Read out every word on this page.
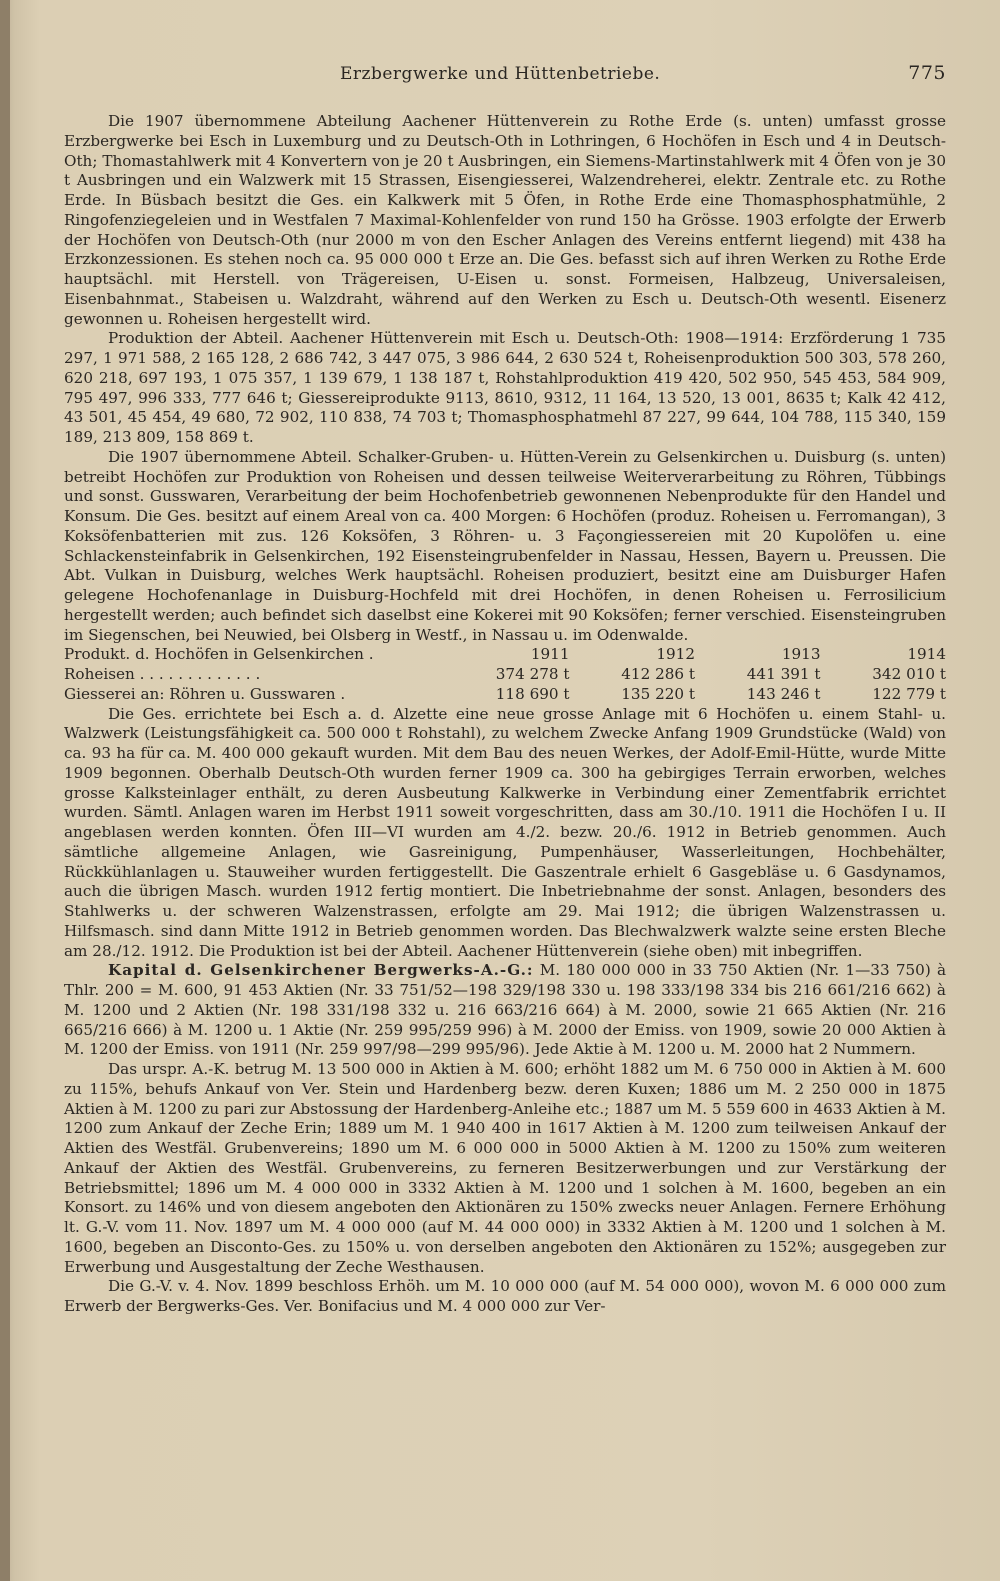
Erzbergwerke und Hüttenbetriebe.	775

Die 1907 übernommene Abteilung Aachener Hüttenverein zu Rothe Erde (s. unten) umfasst grosse Erzbergwerke bei Esch in Luxemburg und zu Deutsch-Oth in Lothringen, 6 Hochöfen in Esch und 4 in Deutsch-Oth; Thomastahlwerk mit 4 Konvertern von je 20 t Ausbringen, ein Siemens-Martinstahlwerk mit 4 Öfen von je 30 t Ausbringen und ein Walzwerk mit 15 Strassen, Eisengiesserei, Walzendreherei, elektr. Zentrale etc. zu Rothe Erde. In Büsbach besitzt die Ges. ein Kalkwerk mit 5 Öfen, in Rothe Erde eine Thomasphosphatmühle, 2 Ringofenziegeleien und in Westfalen 7 Maximal-Kohlenfelder von rund 150 ha Grösse. 1903 erfolgte der Erwerb der Hochöfen von Deutsch-Oth (nur 2000 m von den Escher Anlagen des Vereins entfernt liegend) mit 438 ha Erzkonzessionen. Es stehen noch ca. 95 000 000 t Erze an. Die Ges. befasst sich auf ihren Werken zu Rothe Erde hauptsächl. mit Herstell. von Trägereisen, U-Eisen u. sonst. Formeisen, Halbzeug, Universaleisen, Eisenbahnmat., Stabeisen u. Walzdraht, während auf den Werken zu Esch u. Deutsch-Oth wesentl. Eisenerz gewonnen u. Roheisen hergestellt wird.

Produktion der Abteil. Aachener Hüttenverein mit Esch u. Deutsch-Oth: 1908—1914: Erzförderung 1 735 297, 1 971 588, 2 165 128, 2 686 742, 3 447 075, 3 986 644, 2 630 524 t, Roheisenproduktion 500 303, 578 260, 620 218, 697 193, 1 075 357, 1 139 679, 1 138 187 t, Rohstahlproduktion 419 420, 502 950, 545 453, 584 909, 795 497, 996 333, 777 646 t; Giessereiprodukte 9113, 8610, 9312, 11 164, 13 520, 13 001, 8635 t; Kalk 42 412, 43 501, 45 454, 49 680, 72 902, 110 838, 74 703 t; Thomasphosphatmehl 87 227, 99 644, 104 788, 115 340, 159 189, 213 809, 158 869 t.

Die 1907 übernommene Abteil. Schalker-Gruben- u. Hütten-Verein zu Gelsenkirchen u. Duisburg (s. unten) betreibt Hochöfen zur Produktion von Roheisen und dessen teilweise Weiterverarbeitung zu Röhren, Tübbings und sonst. Gusswaren, Verarbeitung der beim Hochofenbetrieb gewonnenen Nebenprodukte für den Handel und Konsum. Die Ges. besitzt auf einem Areal von ca. 400 Morgen: 6 Hochöfen (produz. Roheisen u. Ferromangan), 3 Koksöfenbatterien mit zus. 126 Koksöfen, 3 Röhren- u. 3 Façongiessereien mit 20 Kupolöfen u. eine Schlackensteinfabrik in Gelsenkirchen, 192 Eisensteingrubenfelder in Nassau, Hessen, Bayern u. Preussen. Die Abt. Vulkan in Duisburg, welches Werk hauptsächl. Roheisen produziert, besitzt eine am Duisburger Hafen gelegene Hochofenanlage in Duisburg-Hochfeld mit drei Hochöfen, in denen Roheisen u. Ferrosilicium hergestellt werden; auch befindet sich daselbst eine Kokerei mit 90 Koksöfen; ferner verschied. Eisensteingruben im Siegenschen, bei Neuwied, bei Olsberg in Westf., in Nassau u. im Odenwalde.

Produkt. d. Hochöfen in Gelsenkirchen .	1911	1912	1913	1914
Roheisen . . . . . . . . . . . . .	374 278 t	412 286 t	441 391 t	342 010 t
Giesserei an: Röhren u. Gusswaren .	118 690 t	135 220 t	143 246 t	122 779 t

Die Ges. errichtete bei Esch a. d. Alzette eine neue grosse Anlage mit 6 Hochöfen u. einem Stahl- u. Walzwerk (Leistungsfähigkeit ca. 500 000 t Rohstahl), zu welchem Zwecke Anfang 1909 Grundstücke (Wald) von ca. 93 ha für ca. M. 400 000 gekauft wurden. Mit dem Bau des neuen Werkes, der Adolf-Emil-Hütte, wurde Mitte 1909 begonnen. Oberhalb Deutsch-Oth wurden ferner 1909 ca. 300 ha gebirgiges Terrain erworben, welches grosse Kalksteinlager enthält, zu deren Ausbeutung Kalkwerke in Verbindung einer Zementfabrik errichtet wurden. Sämtl. Anlagen waren im Herbst 1911 soweit vorgeschritten, dass am 30./10. 1911 die Hochöfen I u. II angeblasen werden konnten. Öfen III—VI wurden am 4./2. bezw. 20./6. 1912 in Betrieb genommen. Auch sämtliche allgemeine Anlagen, wie Gasreinigung, Pumpenhäuser, Wasserleitungen, Hochbehälter, Rückkühlanlagen u. Stauweiher wurden fertiggestellt. Die Gaszentrale erhielt 6 Gasgebläse u. 6 Gasdynamos, auch die übrigen Masch. wurden 1912 fertig montiert. Die Inbetriebnahme der sonst. Anlagen, besonders des Stahlwerks u. der schweren Walzenstrassen, erfolgte am 29. Mai 1912; die übrigen Walzenstrassen u. Hilfsmasch. sind dann Mitte 1912 in Betrieb genommen worden. Das Blechwalzwerk walzte seine ersten Bleche am 28./12. 1912. Die Produktion ist bei der Abteil. Aachener Hüttenverein (siehe oben) mit inbegriffen.

Kapital d. Gelsenkirchener Bergwerks-A.-G.: M. 180 000 000 in 33 750 Aktien (Nr. 1—33 750) à Thlr. 200 = M. 600, 91 453 Aktien (Nr. 33 751/52—198 329/198 330 u. 198 333/198 334 bis 216 661/216 662) à M. 1200 und 2 Aktien (Nr. 198 331/198 332 u. 216 663/216 664) à M. 2000, sowie 21 665 Aktien (Nr. 216 665/216 666) à M. 1200 u. 1 Aktie (Nr. 259 995/259 996) à M. 2000 der Emiss. von 1909, sowie 20 000 Aktien à M. 1200 der Emiss. von 1911 (Nr. 259 997/98—299 995/96). Jede Aktie à M. 1200 u. M. 2000 hat 2 Nummern.

Das urspr. A.-K. betrug M. 13 500 000 in Aktien à M. 600; erhöht 1882 um M. 6 750 000 in Aktien à M. 600 zu 115%, behufs Ankauf von Ver. Stein und Hardenberg bezw. deren Kuxen; 1886 um M. 2 250 000 in 1875 Aktien à M. 1200 zu pari zur Abstossung der Hardenberg-Anleihe etc.; 1887 um M. 5 559 600 in 4633 Aktien à M. 1200 zum Ankauf der Zeche Erin; 1889 um M. 1 940 400 in 1617 Aktien à M. 1200 zum teilweisen Ankauf der Aktien des Westfäl. Grubenvereins; 1890 um M. 6 000 000 in 5000 Aktien à M. 1200 zu 150% zum weiteren Ankauf der Aktien des Westfäl. Grubenvereins, zu ferneren Besitzerwerbungen und zur Verstärkung der Betriebsmittel; 1896 um M. 4 000 000 in 3332 Aktien à M. 1200 und 1 solchen à M. 1600, begeben an ein Konsort. zu 146% und von diesem angeboten den Aktionären zu 150% zwecks neuer Anlagen. Fernere Erhöhung lt. G.-V. vom 11. Nov. 1897 um M. 4 000 000 (auf M. 44 000 000) in 3332 Aktien à M. 1200 und 1 solchen à M. 1600, begeben an Disconto-Ges. zu 150% u. von derselben angeboten den Aktionären zu 152%; ausgegeben zur Erwerbung und Ausgestaltung der Zeche Westhausen.

Die G.-V. v. 4. Nov. 1899 beschloss Erhöh. um M. 10 000 000 (auf M. 54 000 000), wovon M. 6 000 000 zum Erwerb der Bergwerks-Ges. Ver. Bonifacius und M. 4 000 000 zur Ver-
